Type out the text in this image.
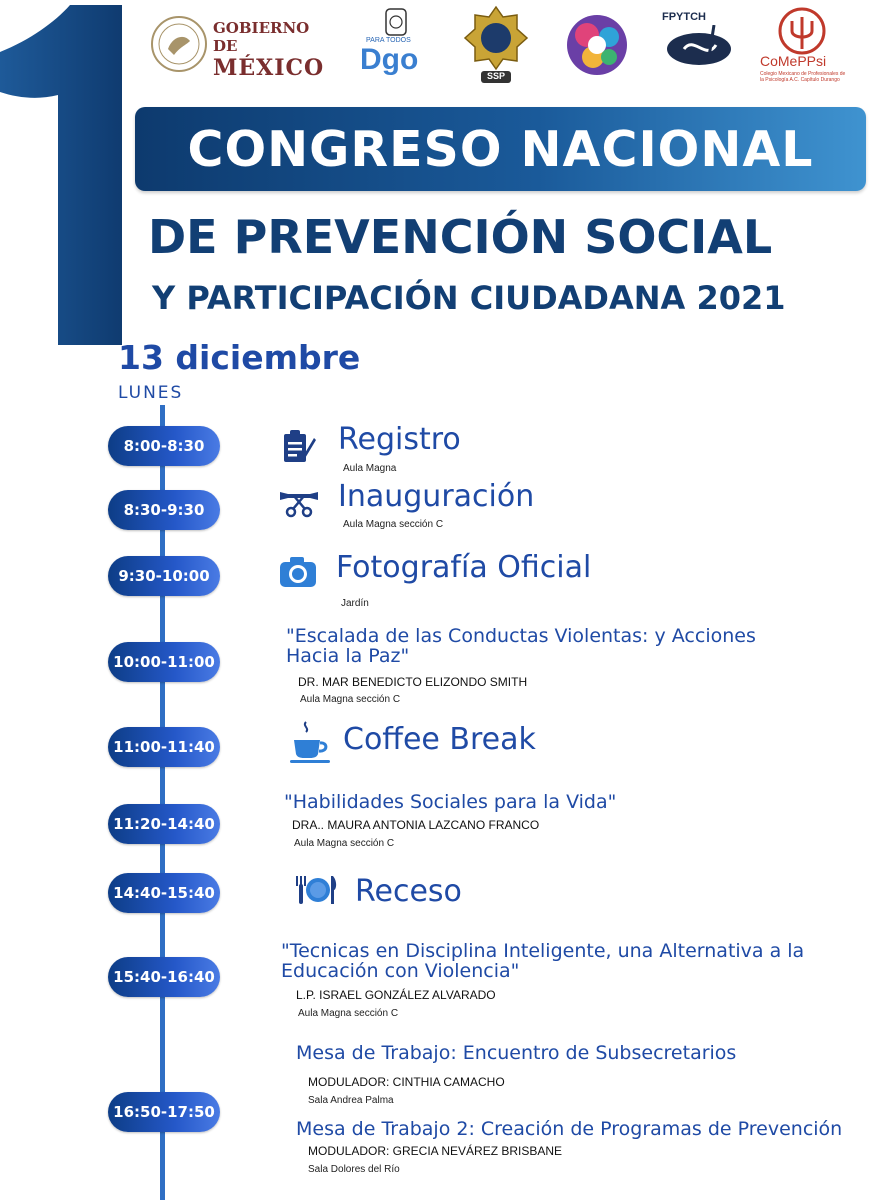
GOBIERNO DE
MÉXICO
PARA TODOS
Dgo	SSP
FPYTCH
CoMePPsi
Colegio Mexicano de Profesionales de la Psicología A.C. Capítulo Durango
CONGRESO NACIONAL
DE PREVENCIÓN SOCIAL
Y PARTICIPACIÓN CIUDADANA 2021
13 diciembre
LUNES
8:00-8:30	Registro
Aula Magna
8:30-9:30	Inauguración
Aula Magna sección C
9:30-10:00	Fotografía Oficial
Jardín
10:00-11:00
"Escalada de las Conductas Violentas: y Acciones
Hacia la Paz"
DR. MAR BENEDICTO ELIZONDO SMITH
Aula Magna sección C
11:00-11:40	Coffee Break
11:20-14:40
"Habilidades Sociales para la Vida"
DRA.. MAURA ANTONIA LAZCANO FRANCO
Aula Magna sección C
14:40-15:40	Receso
15:40-16:40
"Tecnicas en Disciplina Inteligente, una Alternativa a la
Educación con Violencia"
L.P. ISRAEL GONZÁLEZ ALVARADO
Aula Magna sección C
16:50-17:50
Mesa de Trabajo: Encuentro de Subsecretarios
MODULADOR: CINTHIA CAMACHO
Sala Andrea Palma
Mesa de Trabajo 2: Creación de Programas de Prevención
MODULADOR: GRECIA NEVÁREZ BRISBANE
Sala Dolores del Río
